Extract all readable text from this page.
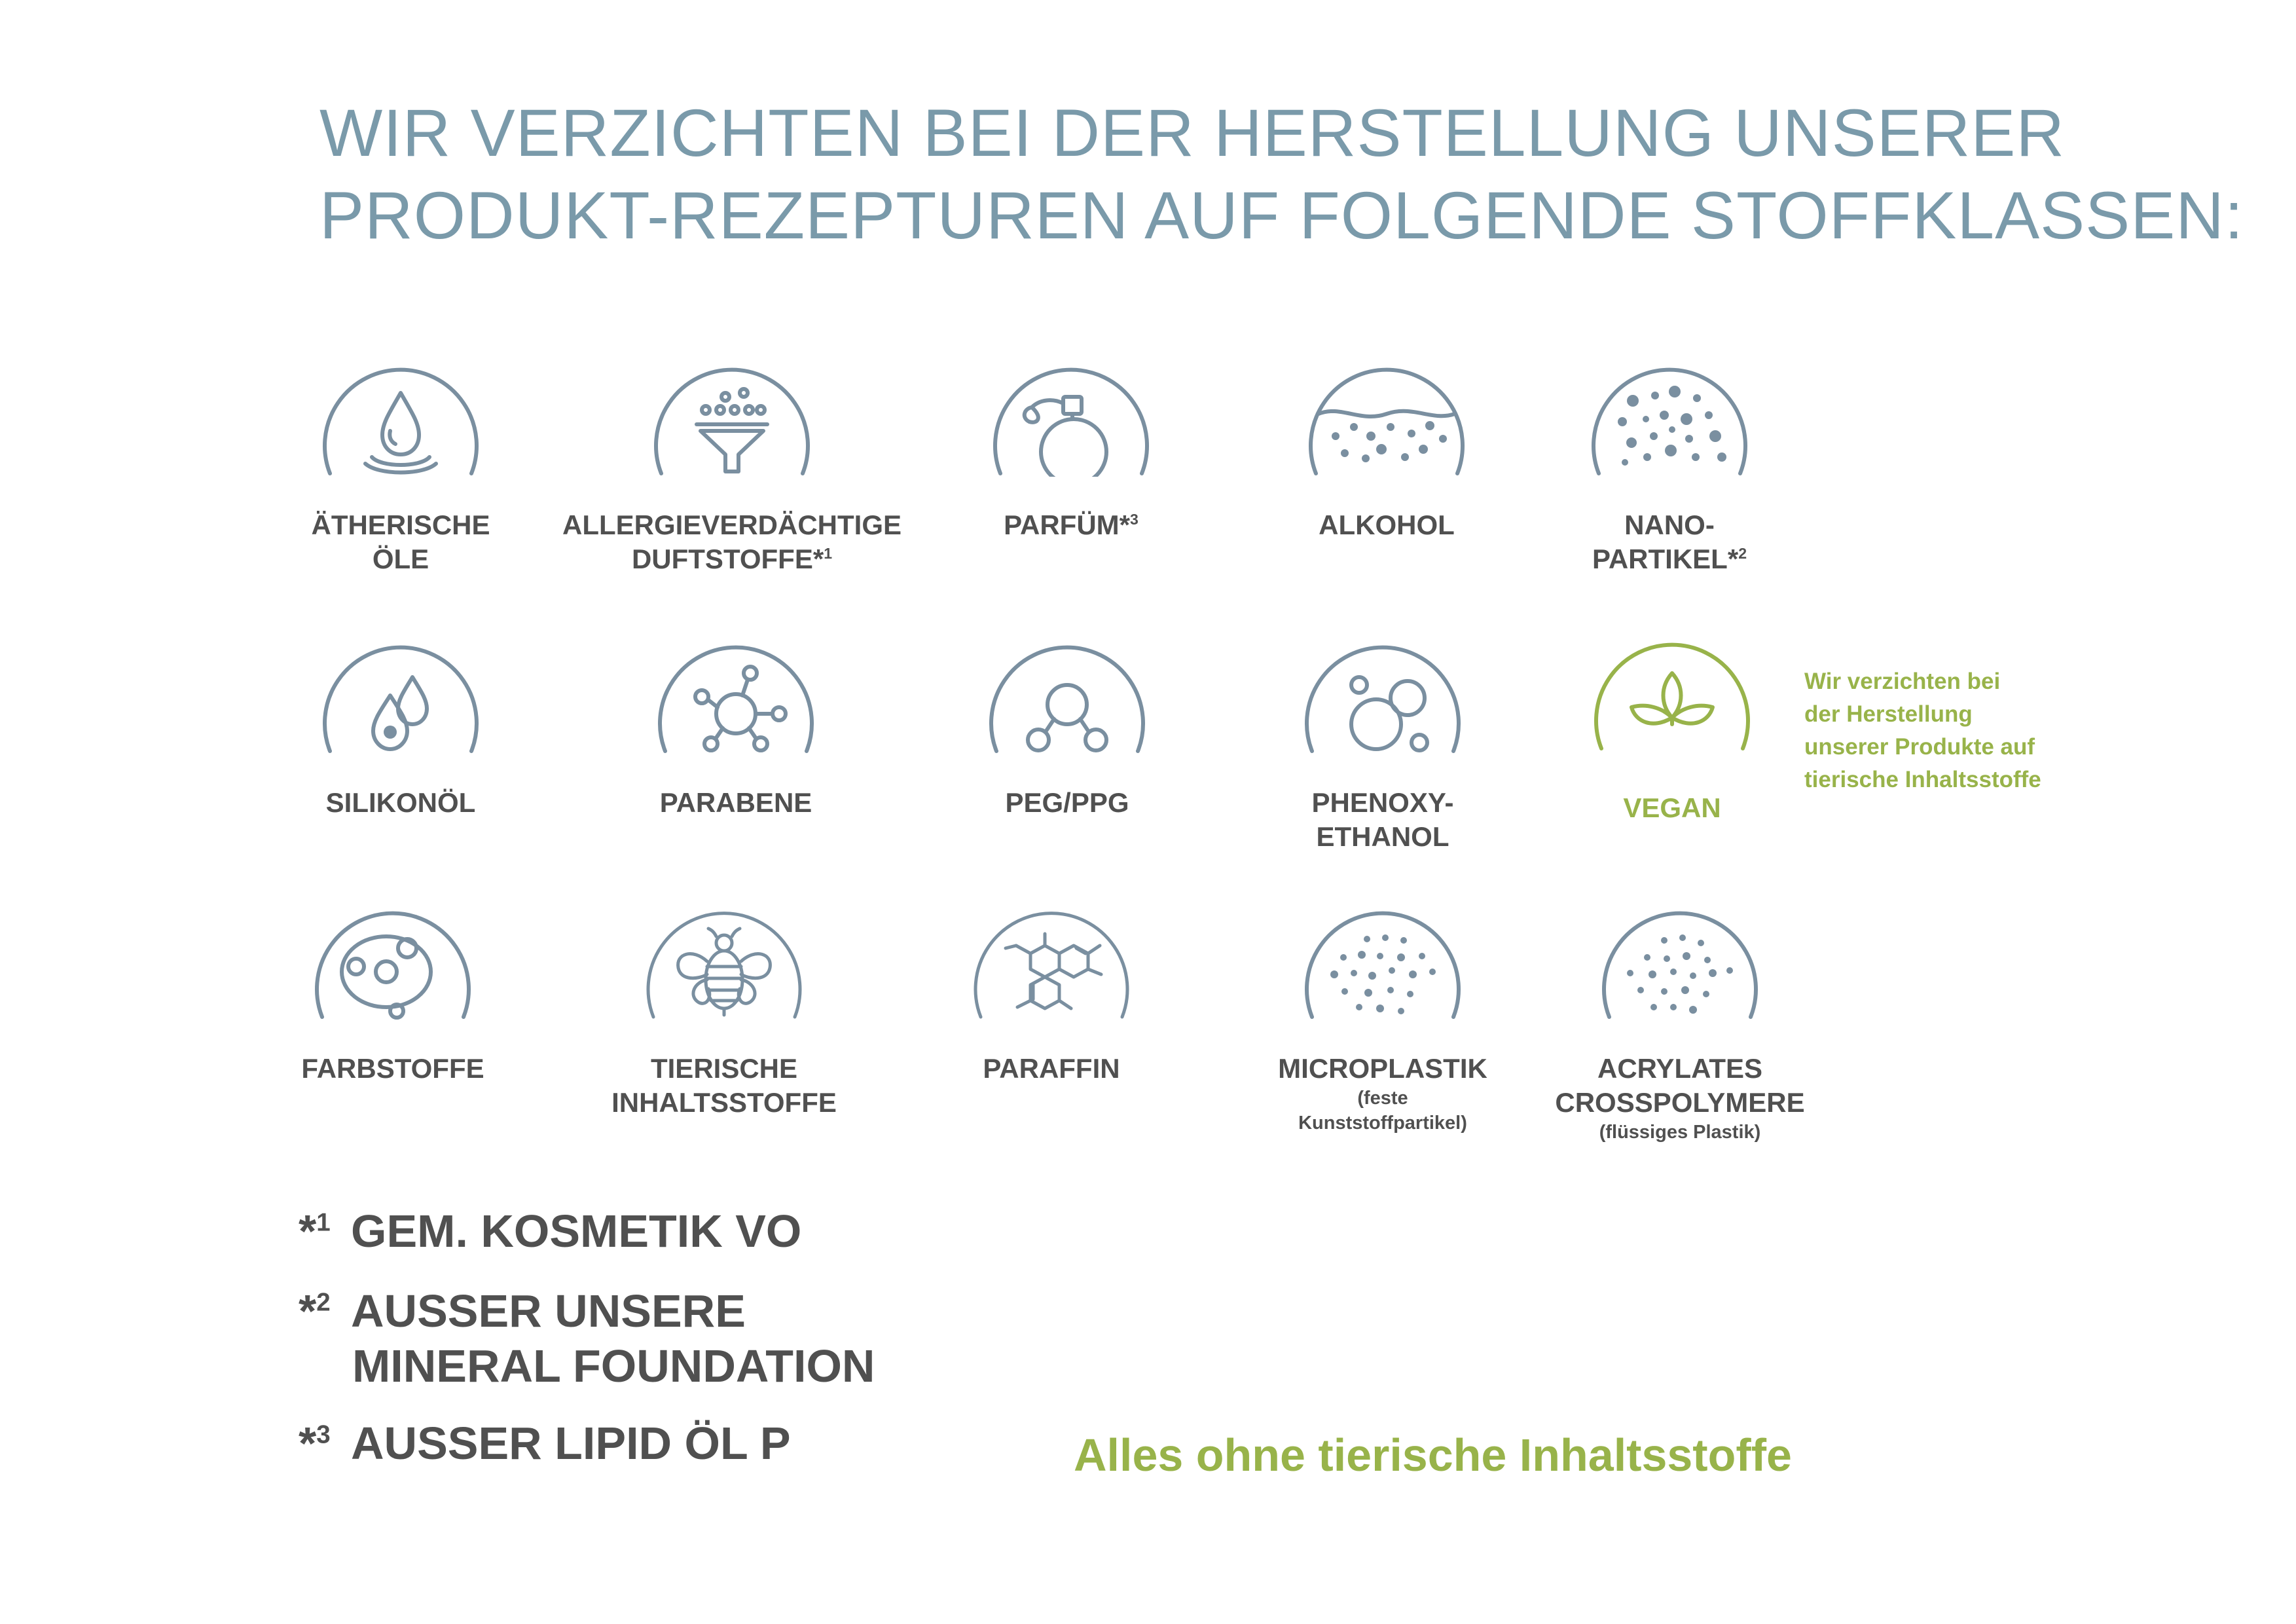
WIR VERZICHTEN BEI DER HERSTELLUNG UNSERER
PRODUKT-REZEPTUREN AUF FOLGENDE STOFFKLASSEN:
ÄTHERISCHE
ÖLE
ALLERGIEVERDÄCHTIGE
DUFTSTOFFE*$^1$
PARFÜM*$^3$	ALKOHOL	NANO-
PARTIKEL*$^2$
SILIKONÖL	PARABENE	PEG/PPG	PHENOXY-
ETHANOL
VEGAN
Wir verzichten bei
der Herstellung
unserer Produkte auf
tierische Inhaltsstoffe
FARBSTOFFE	TIERISCHE
INHALTSSTOFFE
PARAFFIN	MICROPLASTIK
(feste
Kunststoffpartikel)
ACRYLATES
CROSSPOLYMERE
(flüssiges Plastik)
*$^1$ GEM. KOSMETIK VO
*$^2$ AUSSER UNSERE
MINERAL FOUNDATION
*$^3$ AUSSER LIPID ÖL P	Alles ohne tierische Inhaltsstoffe
